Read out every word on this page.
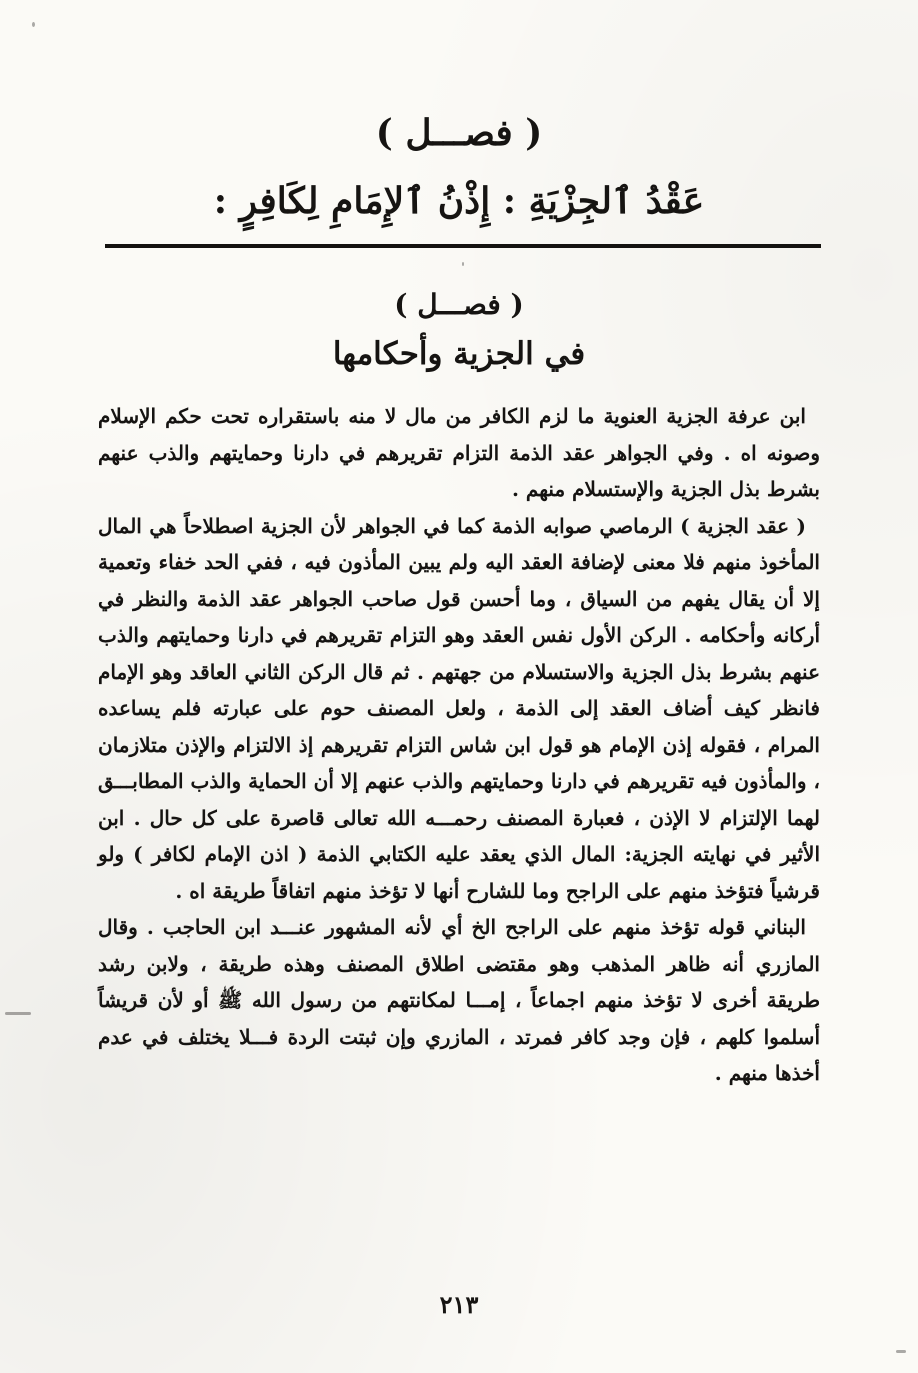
( فصـــل )
عَقْدُ ٱلجِزْيَةِ : إِذْنُ ٱلإِمَامِ لِكَافِرٍ :
( فصـــل )
في الجزية وأحكامها

ابن عرفة الجزية العنوية ما لزم الكافر من مال لا منه باستقراره تحت حكم الإسلام وصونه اه . وفي الجواهر عقد الذمة التزام تقريرهم في دارنا وحمايتهم والذب عنهم بشرط بذل الجزية والإستسلام منهم .

( عقد الجزية ) الرماصي صوابه الذمة كما في الجواهر لأن الجزية اصطلاحاً هي المال المأخوذ منهم فلا معنى لإضافة العقد اليه ولم يبين المأذون فيه ، ففي الحد خفاء وتعمية إلا أن يقال يفهم من السياق ، وما أحسن قول صاحب الجواهر عقد الذمة والنظر في أركانه وأحكامه . الركن الأول نفس العقد وهو التزام تقريرهم في دارنا وحمايتهم والذب عنهم بشرط بذل الجزية والاستسلام من جهتهم . ثم قال الركن الثاني العاقد وهو الإمام فانظر كيف أضاف العقد إلى الذمة ، ولعل المصنف حوم على عبارته فلم يساعده المرام ، فقوله إذن الإمام هو قول ابن شاس التزام تقريرهم إذ الالتزام والإذن متلازمان ، والمأذون فيه تقريرهم في دارنا وحمايتهم والذب عنهم إلا أن الحماية والذب المطابـــق لهما الإلتزام لا الإذن ، فعبارة المصنف رحمـــه الله تعالى قاصرة على كل حال . ابن الأثير في نهايته الجزية: المال الذي يعقد عليه الكتابي الذمة ( اذن الإمام لكافر ) ولو قرشياً فتؤخذ منهم على الراجح وما للشارح أنها لا تؤخذ منهم اتفاقاً طريقة اه .

البناني قوله تؤخذ منهم على الراجح الخ أي لأنه المشهور عنـــد ابن الحاجب . وقال المازري أنه ظاهر المذهب وهو مقتضى اطلاق المصنف وهذه طريقة ، ولابن رشد طريقة أخرى لا تؤخذ منهم اجماعاً ، إمـــا لمكانتهم من رسول الله ﷺ أو لأن قريشاً أسلموا كلهم ، فإن وجد كافر فمرتد ، المازري وإن ثبتت الردة فـــلا يختلف في عدم أخذها منهم .

٢١٣
